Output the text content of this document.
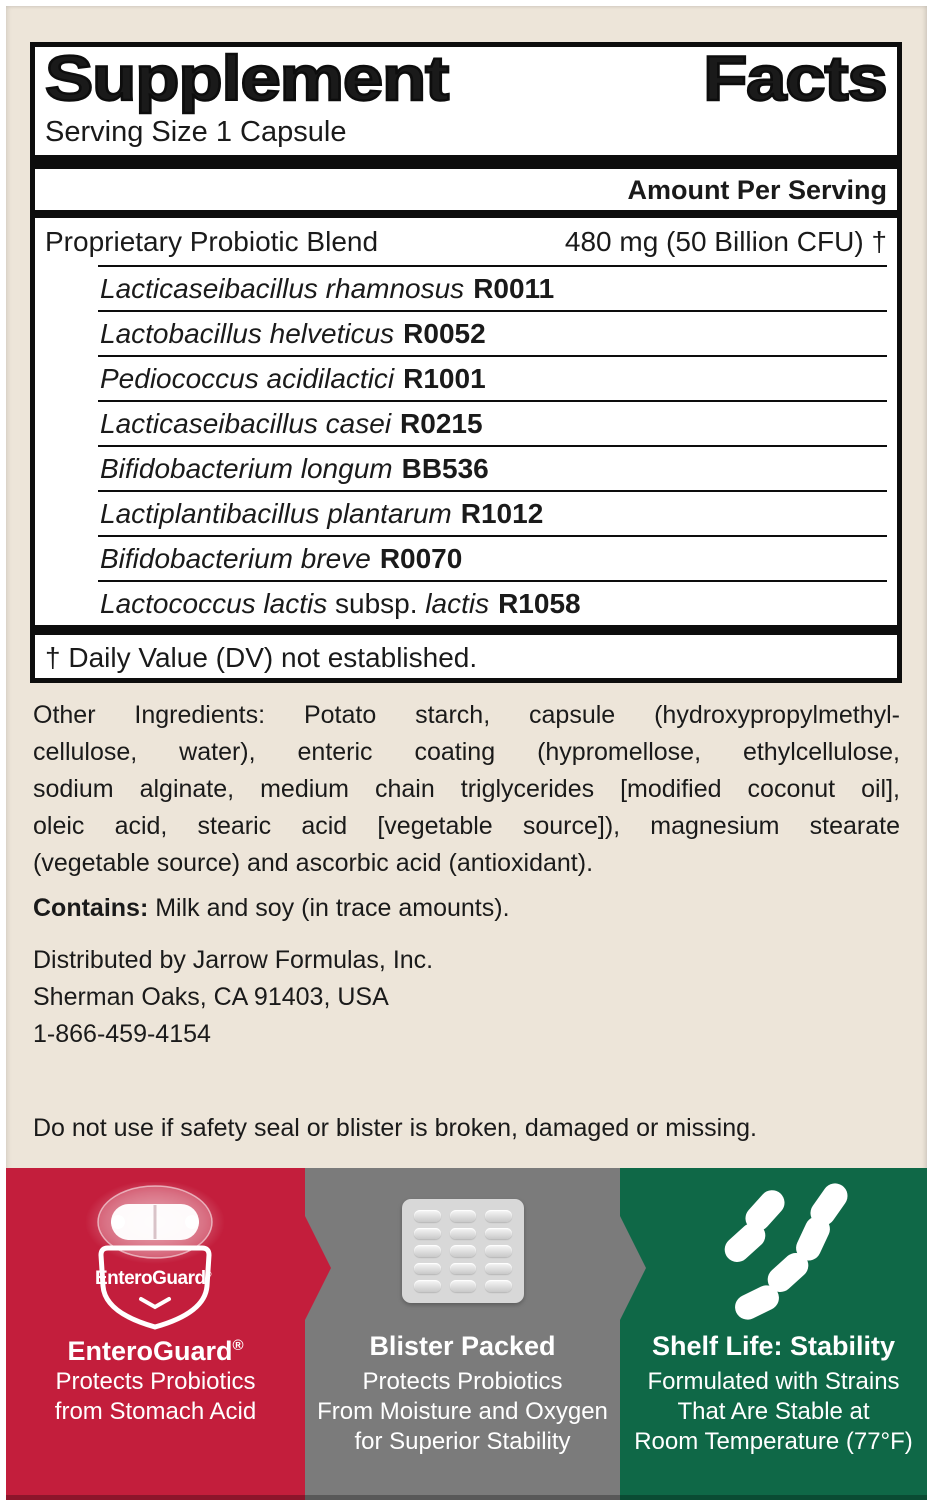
Supplement	Facts
Serving Size 1 Capsule
Amount Per Serving
Proprietary Probiotic Blend	480 mg (50 Billion CFU) †
Lacticaseibacillus rhamnosus R0011
Lactobacillus helveticus R0052
Pediococcus acidilactici R1001
Lacticaseibacillus casei R0215
Bifidobacterium longum BB536
Lactiplantibacillus plantarum R1012
Bifidobacterium breve R0070
Lactococcus lactis subsp. lactis R1058
† Daily Value (DV) not established.
Other Ingredients: Potato starch, capsule (hydroxypropylmethyl-
cellulose, water), enteric coating (hypromellose, ethylcellulose,
sodium alginate, medium chain triglycerides [modified coconut oil],
oleic acid, stearic acid [vegetable source]), magnesium stearate
(vegetable source) and ascorbic acid (antioxidant).
Contains: Milk and soy (in trace amounts).
Distributed by Jarrow Formulas, Inc.
Sherman Oaks, CA 91403, USA
1-866-459-4154
Do not use if safety seal or blister is broken, damaged or missing.
EnteroGuard®
EnteroGuard®
Protects Probiotics
from Stomach Acid
Blister Packed
Protects Probiotics
From Moisture and Oxygen
for Superior Stability
Shelf Life: Stability
Formulated with Strains
That Are Stable at
Room Temperature (77°F)
